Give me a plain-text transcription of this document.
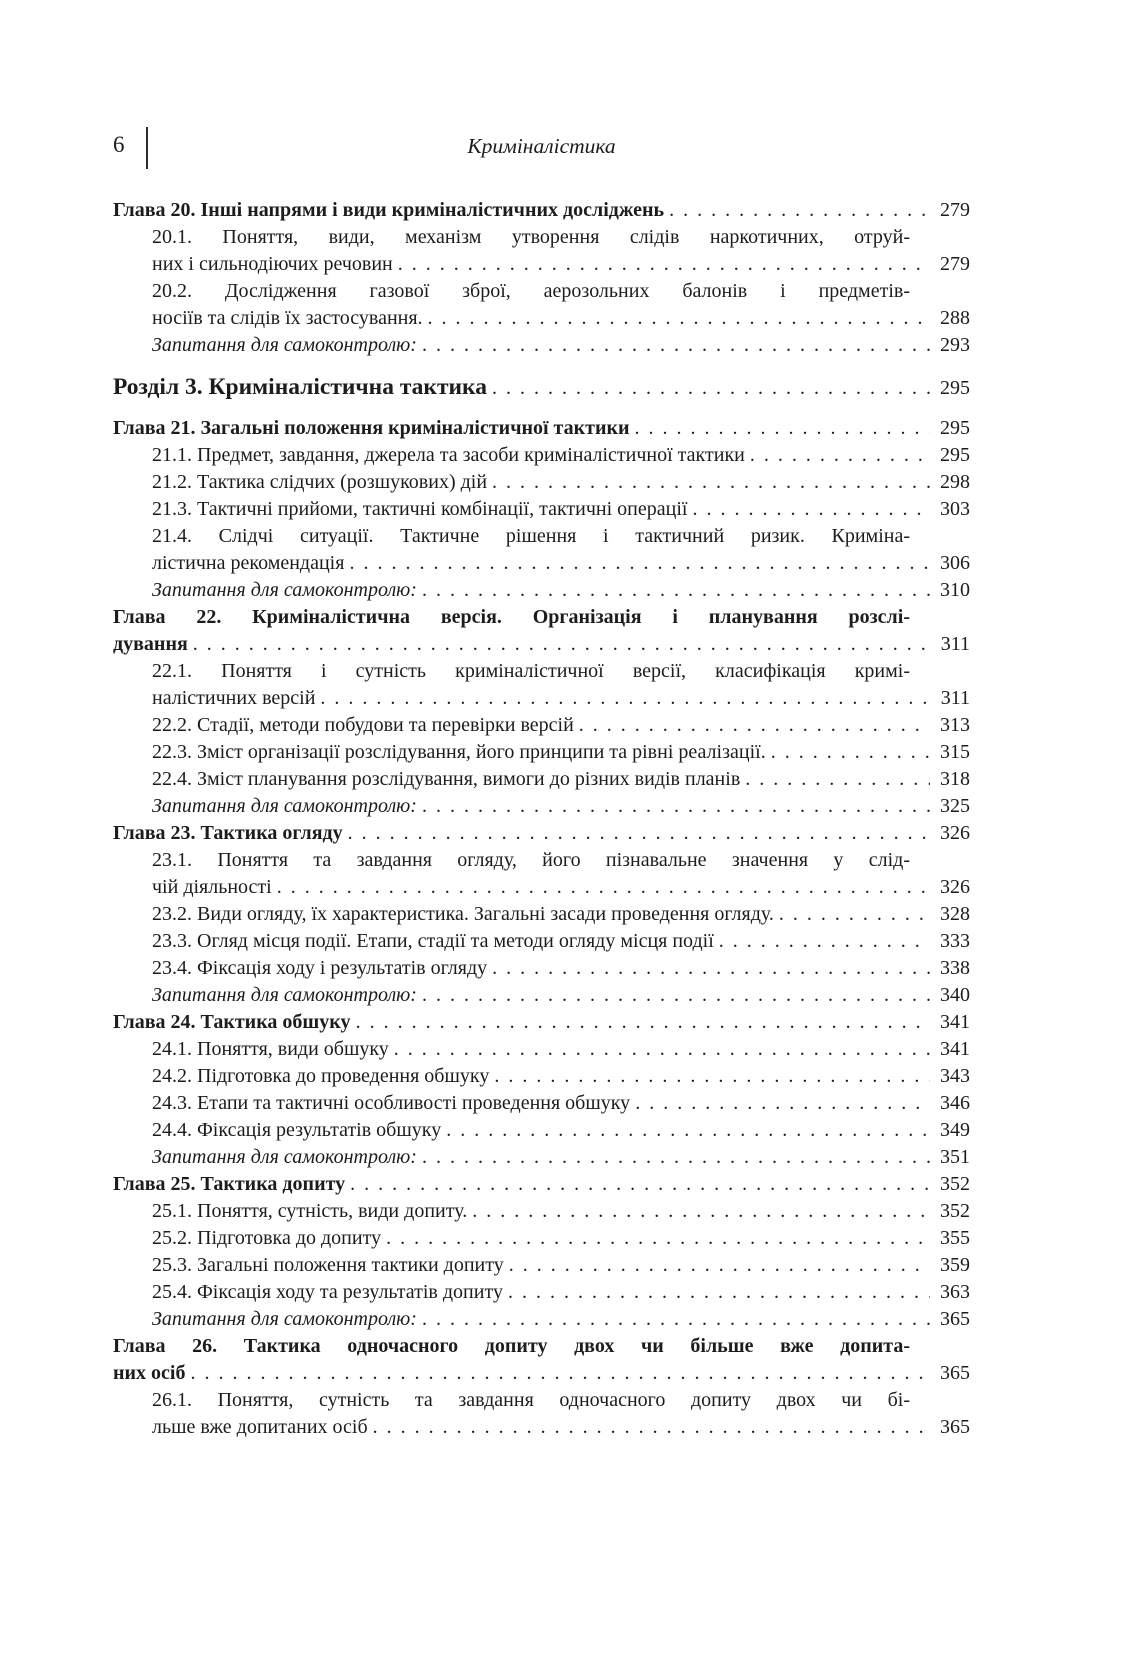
6	Криміналістика
Глава 20. Інші напрями і види криміналістичних досліджень . . .	279
20.1. Поняття, види, механізм утворення слідів наркотичних, отруй-
них і сильнодіючих речовин . . .	279
20.2. Дослідження газової зброї, аерозольних балонів і предметів-
носіїв та слідів їх застосування. . . .	288
Запитання для самоконтролю: . . .	293
Розділ 3. Криміналістична тактика . . .	295
Глава 21. Загальні положення криміналістичної тактики . . .	295
21.1. Предмет, завдання, джерела та засоби криміналістичної тактики . . .	295
21.2. Тактика слідчих (розшукових) дій . . .	298
21.3. Тактичні прийоми, тактичні комбінації, тактичні операції . . .	303
21.4. Слідчі ситуації. Тактичне рішення і тактичний ризик. Криміна-
лістична рекомендація . . .	306
Запитання для самоконтролю: . . .	310
Глава 22. Криміналістична версія. Організація і планування розслі-
дування . . .	311
22.1. Поняття і сутність криміналістичної версії, класифікація кримі-
налістичних версій . . .	311
22.2. Стадії, методи побудови та перевірки версій . . .	313
22.3. Зміст організації розслідування, його принципи та рівні реалізації. . . .	315
22.4. Зміст планування розслідування, вимоги до різних видів планів . . .	318
Запитання для самоконтролю: . . .	325
Глава 23. Тактика огляду . . .	326
23.1. Поняття та завдання огляду, його пізнавальне значення у слід-
чій діяльності . . .	326
23.2. Види огляду, їх характеристика. Загальні засади проведення огляду. . . .	328
23.3. Огляд місця події. Етапи, стадії та методи огляду місця події . . .	333
23.4. Фіксація ходу і результатів огляду . . .	338
Запитання для самоконтролю: . . .	340
Глава 24. Тактика обшуку . . .	341
24.1. Поняття, види обшуку . . .	341
24.2. Підготовка до проведення обшуку . . .	343
24.3. Етапи та тактичні особливості проведення обшуку . . .	346
24.4. Фіксація результатів обшуку . . .	349
Запитання для самоконтролю: . . .	351
Глава 25. Тактика допиту . . .	352
25.1. Поняття, сутність, види допиту. . . .	352
25.2. Підготовка до допиту . . .	355
25.3. Загальні положення тактики допиту . . .	359
25.4. Фіксація ходу та результатів допиту . . .	363
Запитання для самоконтролю: . . .	365
Глава 26. Тактика одночасного допиту двох чи більше вже допита-
них осіб . . .	365
26.1. Поняття, сутність та завдання одночасного допиту двох чи бі-
льше вже допитаних осіб . . .	365
